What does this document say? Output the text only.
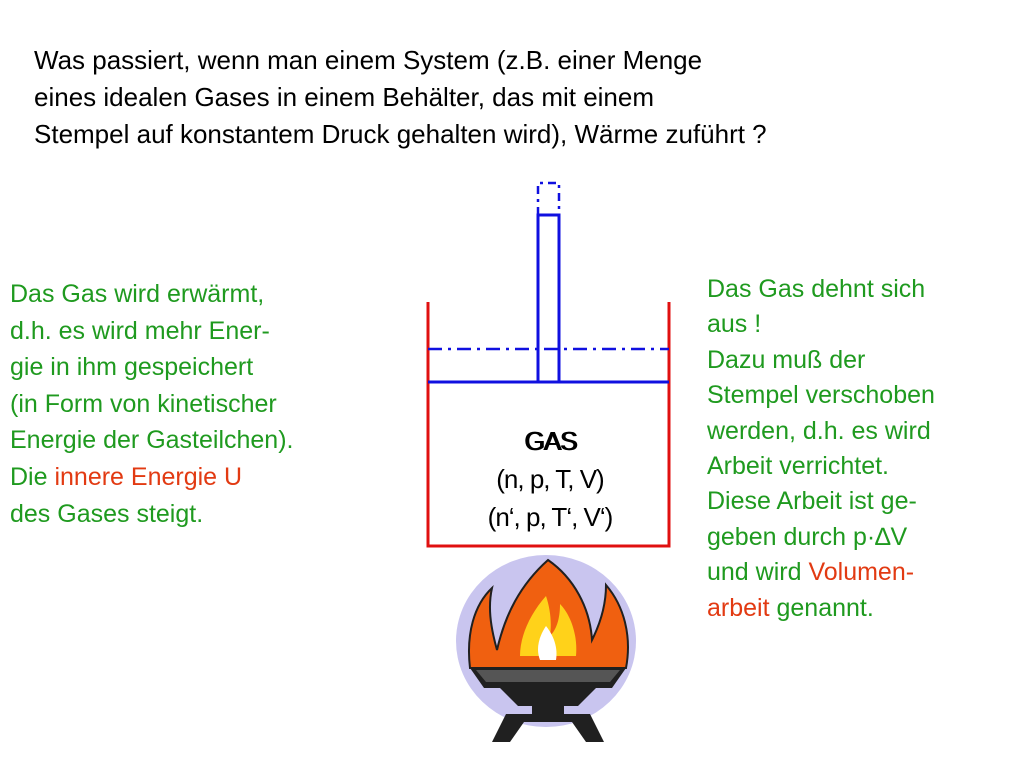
Was passiert, wenn man einem System (z.B. einer Menge
eines idealen Gases in einem Behälter, das mit einem
Stempel auf konstantem Druck gehalten wird), Wärme zuführt ?
Das Gas wird erwärmt,
d.h. es wird mehr Ener-
gie in ihm gespeichert
(in Form von kinetischer
Energie der Gasteilchen).
Die innere Energie U
des Gases steigt.
Das Gas dehnt sich
aus !
Dazu muß der
Stempel verschoben
werden, d.h. es wird
Arbeit verrichtet.
Diese Arbeit ist ge-
geben durch p·∆V
und wird Volumen-
arbeit genannt.
GAS
(n, p, T, V)
(n‘, p, T‘, V‘)
